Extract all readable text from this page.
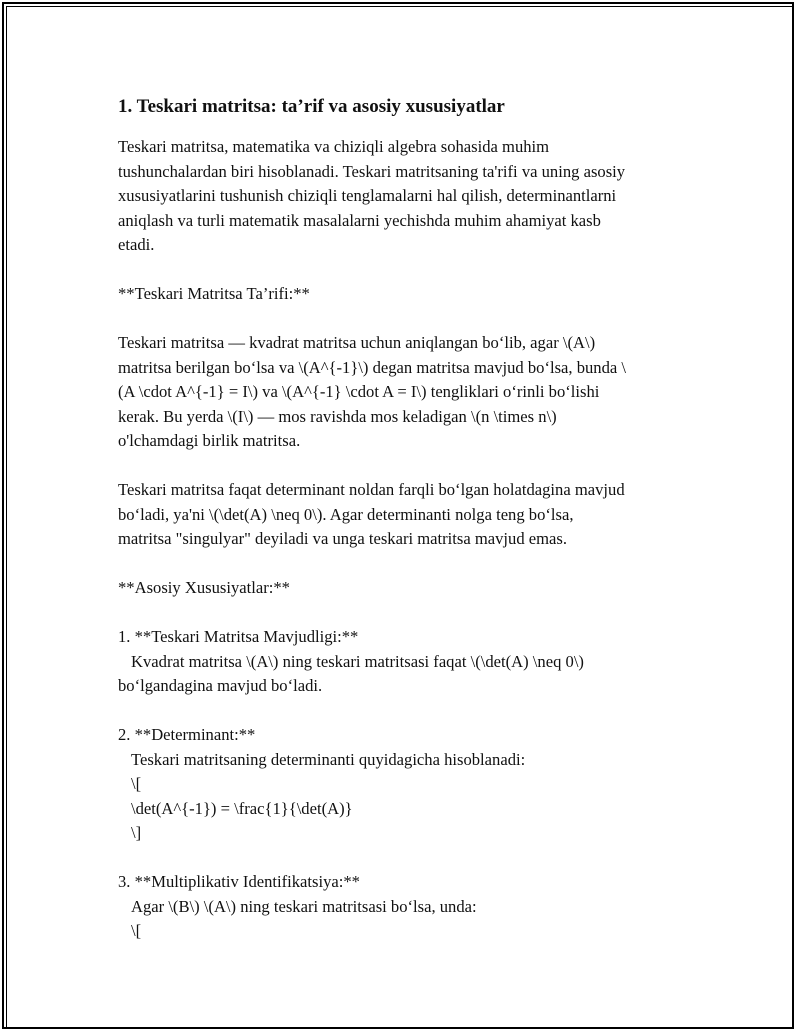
1. Teskari matritsa: ta’rif va asosiy xususiyatlar
Teskari matritsa, matematika va chiziqli algebra sohasida muhim
tushunchalardan biri hisoblanadi. Teskari matritsaning ta'rifi va uning asosiy
xususiyatlarini tushunish chiziqli tenglamalarni hal qilish, determinantlarni
aniqlash va turli matematik masalalarni yechishda muhim ahamiyat kasb
etadi.
**Teskari Matritsa Ta’rifi:**
Teskari matritsa — kvadrat matritsa uchun aniqlangan bo‘lib, agar \(A\)
matritsa berilgan bo‘lsa va \(A^{-1}\) degan matritsa mavjud bo‘lsa, bunda \
(A \cdot A^{-1} = I\) va \(A^{-1} \cdot A = I\) tengliklari o‘rinli bo‘lishi
kerak. Bu yerda \(I\) — mos ravishda mos keladigan \(n \times n\)
o'lchamdagi birlik matritsa.
Teskari matritsa faqat determinant noldan farqli bo‘lgan holatdagina mavjud
bo‘ladi, ya'ni \(\det(A) \neq 0\). Agar determinanti nolga teng bo‘lsa,
matritsa "singulyar" deyiladi va unga teskari matritsa mavjud emas.
**Asosiy Xususiyatlar:**
1. **Teskari Matritsa Mavjudligi:**
Kvadrat matritsa \(A\) ning teskari matritsasi faqat \(\det(A) \neq 0\)
bo‘lgandagina mavjud bo‘ladi.
2. **Determinant:**
Teskari matritsaning determinanti quyidagicha hisoblanadi:
\[
\det(A^{-1}) = \frac{1}{\det(A)}
\]
3. **Multiplikativ Identifikatsiya:**
Agar \(B\) \(A\) ning teskari matritsasi bo‘lsa, unda:
\[
